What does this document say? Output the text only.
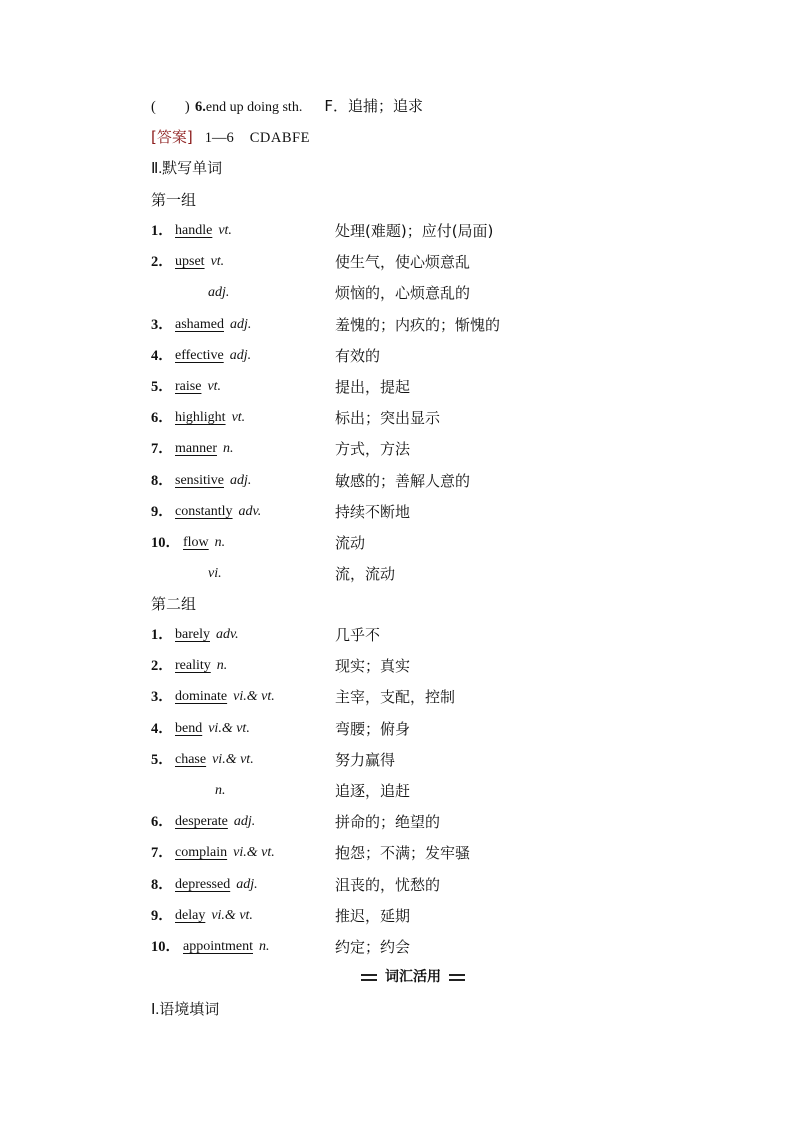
(　　) 6.end up doing sth. F．追捕；追求
[答案] 1—6 CDABFE
Ⅱ.默写单词
第一组
1． handle vt.	处理(难题)；应付(局面)
2． upset vt.	使生气，使心烦意乱
adj.	烦恼的，心烦意乱的
3． ashamed adj.	羞愧的；内疚的；惭愧的
4． effective adj.	有效的
5． raise vt.	提出，提起
6． highlight vt.	标出；突出显示
7． manner n.	方式，方法
8． sensitive adj.	敏感的；善解人意的
9． constantly adv.	持续不断地
10． flow n.	流动
vi.	流，流动
第二组
1． barely adv.	几乎不
2． reality n.	现实；真实
3． dominate vi.& vt.	主宰，支配，控制
4． bend vi.& vt.	弯腰；俯身
5． chase vi.& vt.	努力赢得
n.	追逐，追赶
6． desperate adj.	拼命的；绝望的
7． complain vi.& vt.	抱怨；不满；发牢骚
8． depressed adj.	沮丧的，忧愁的
9． delay vi.& vt.	推迟，延期
10． appointment n.	约定；约会
词汇活用
Ⅰ.语境填词
